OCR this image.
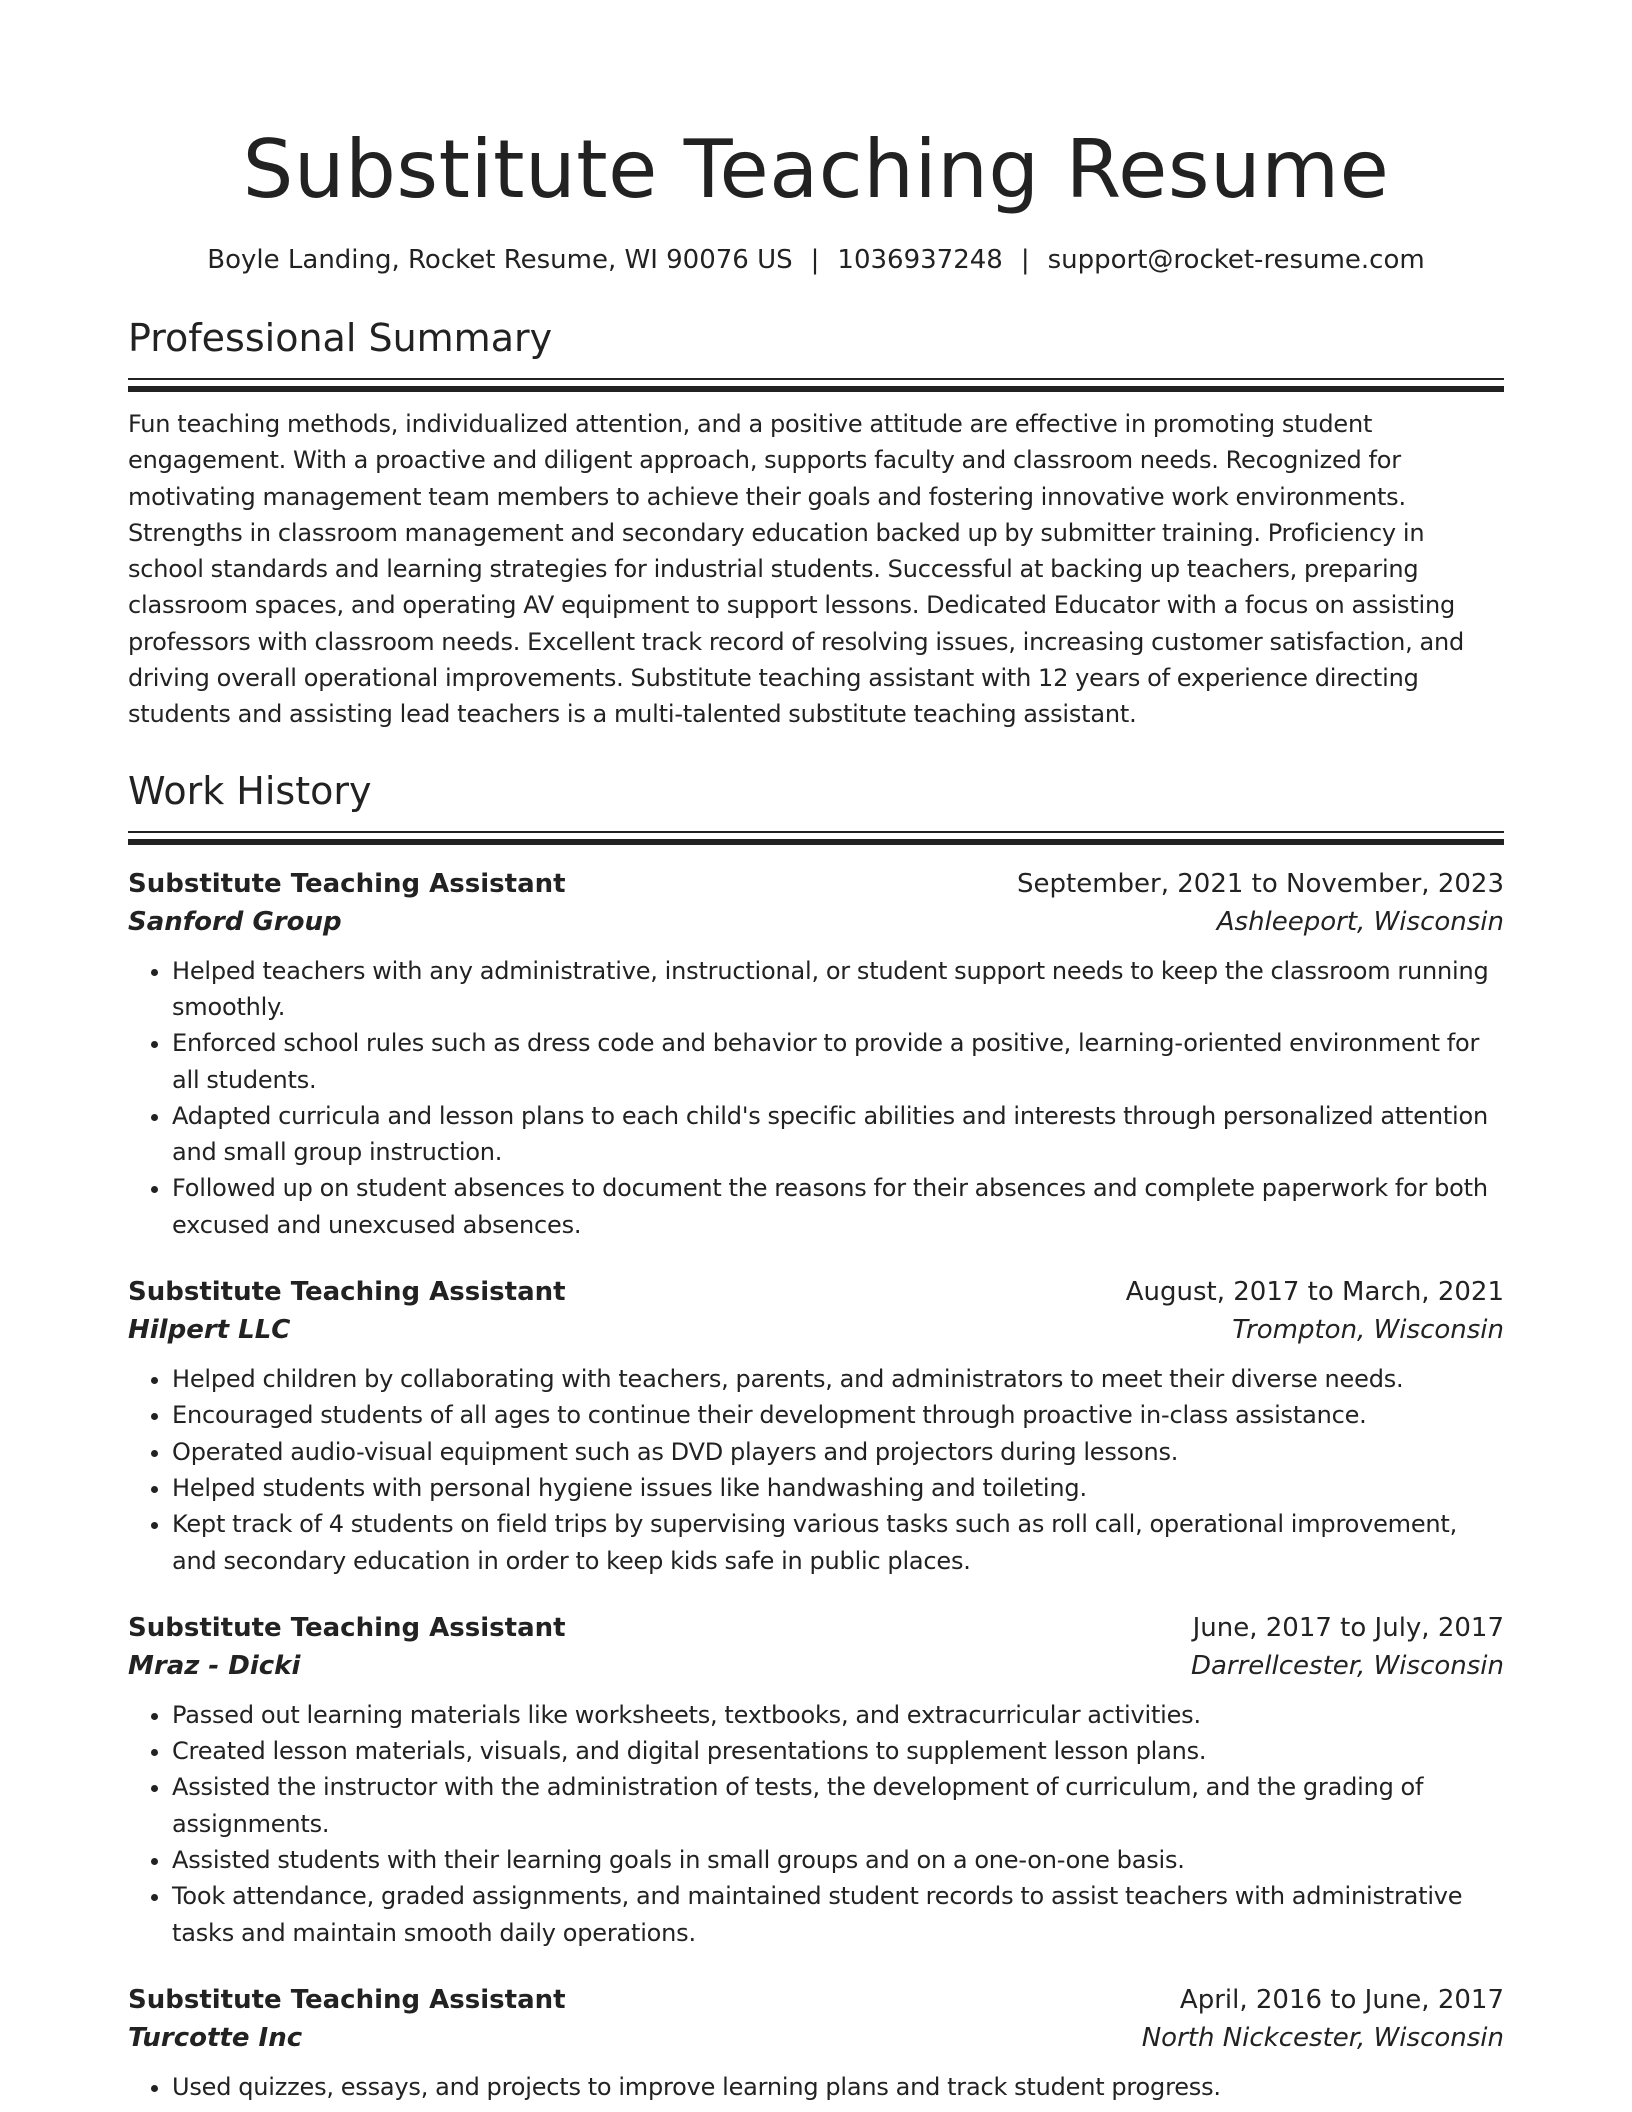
Substitute Teaching Resume
Boyle Landing, Rocket Resume, WI 90076 US | 1036937248 | support@rocket-resume.com
Professional Summary

Fun teaching methods, individualized attention, and a positive attitude are effective in promoting student engagement. With a proactive and diligent approach, supports faculty and classroom needs. Recognized for motivating management team members to achieve their goals and fostering innovative work environments. Strengths in classroom management and secondary education backed up by submitter training. Proficiency in school standards and learning strategies for industrial students. Successful at backing up teachers, preparing classroom spaces, and operating AV equipment to support lessons. Dedicated Educator with a focus on assisting professors with classroom needs. Excellent track record of resolving issues, increasing customer satisfaction, and driving overall operational improvements. Substitute teaching assistant with 12 years of experience directing students and assisting lead teachers is a multi-talented substitute teaching assistant.

Work History
Substitute Teaching Assistant	September, 2021 to November, 2023
Sanford Group	Ashleeport, Wisconsin
• Helped teachers with any administrative, instructional, or student support needs to keep the classroom running smoothly.
• Enforced school rules such as dress code and behavior to provide a positive, learning-oriented environment for all students.
• Adapted curricula and lesson plans to each child's specific abilities and interests through personalized attention and small group instruction.
• Followed up on student absences to document the reasons for their absences and complete paperwork for both excused and unexcused absences.
Substitute Teaching Assistant	August, 2017 to March, 2021
Hilpert LLC	Trompton, Wisconsin
• Helped children by collaborating with teachers, parents, and administrators to meet their diverse needs.
• Encouraged students of all ages to continue their development through proactive in-class assistance.
• Operated audio-visual equipment such as DVD players and projectors during lessons.
• Helped students with personal hygiene issues like handwashing and toileting.
• Kept track of 4 students on field trips by supervising various tasks such as roll call, operational improvement, and secondary education in order to keep kids safe in public places.
Substitute Teaching Assistant	June, 2017 to July, 2017
Mraz - Dicki	Darrellcester, Wisconsin
• Passed out learning materials like worksheets, textbooks, and extracurricular activities.
• Created lesson materials, visuals, and digital presentations to supplement lesson plans.
• Assisted the instructor with the administration of tests, the development of curriculum, and the grading of assignments.
• Assisted students with their learning goals in small groups and on a one-on-one basis.
• Took attendance, graded assignments, and maintained student records to assist teachers with administrative tasks and maintain smooth daily operations.
Substitute Teaching Assistant	April, 2016 to June, 2017
Turcotte Inc	North Nickcester, Wisconsin
• Used quizzes, essays, and projects to improve learning plans and track student progress.
